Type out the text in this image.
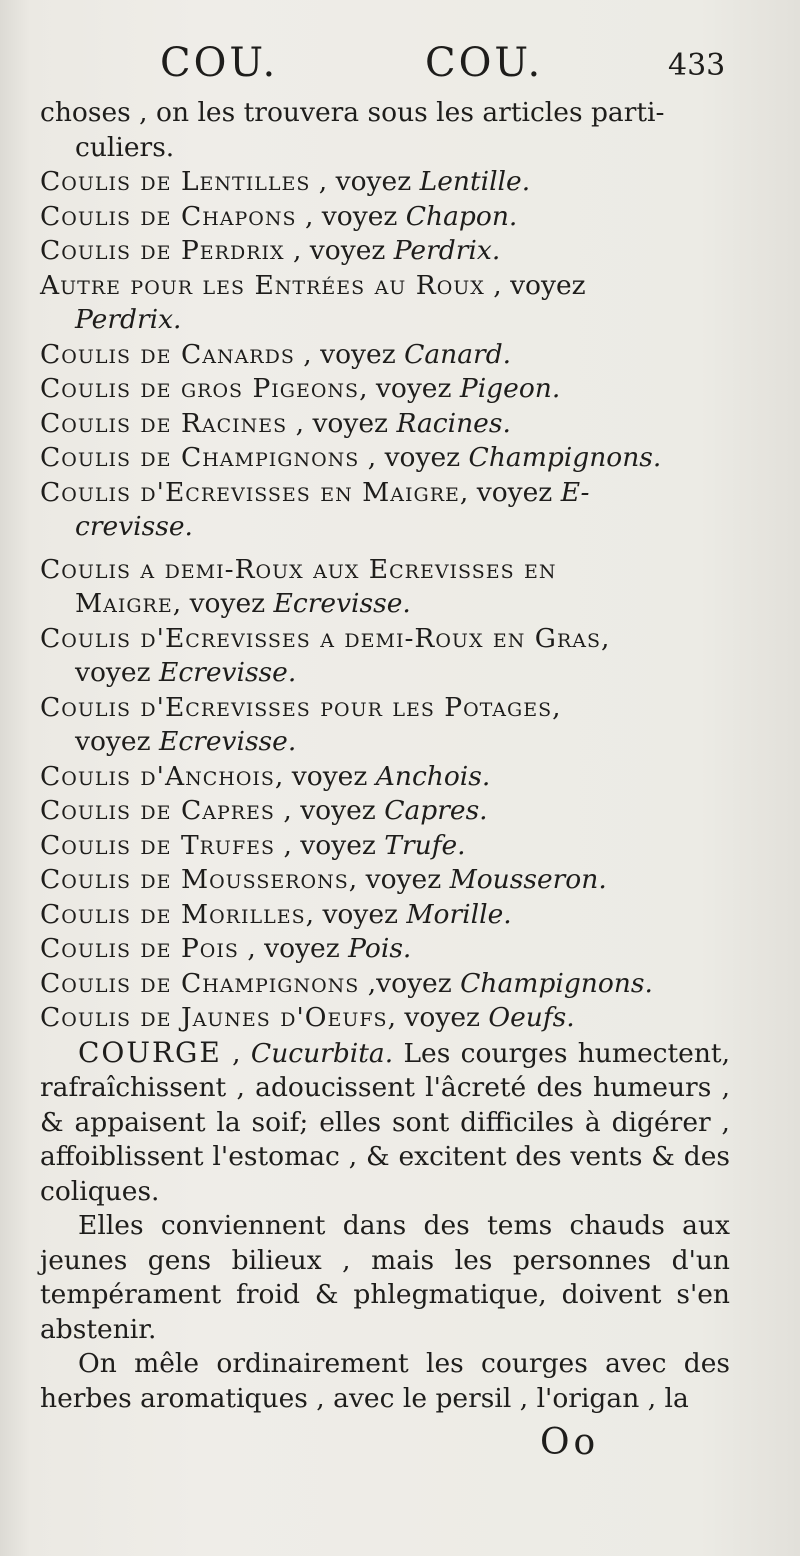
COU.	COU.	433

choses , on les trouvera sous les articles parti-
culiers.

Coulis de Lentilles , voyez Lentille.

Coulis de Chapons , voyez Chapon.

Coulis de Perdrix , voyez Perdrix.

Autre pour les Entrées au Roux , voyez
Perdrix.

Coulis de Canards , voyez Canard.

Coulis de gros Pigeons, voyez Pigeon.

Coulis de Racines , voyez Racines.

Coulis de Champignons , voyez Champignons.

Coulis d'Ecrevisses en Maigre, voyez E-
crevisse.

Coulis a demi-Roux aux Ecrevisses en
Maigre, voyez Ecrevisse.

Coulis d'Ecrevisses a demi-Roux en Gras,
voyez Ecrevisse.

Coulis d'Ecrevisses pour les Potages,
voyez Ecrevisse.

Coulis d'Anchois, voyez Anchois.

Coulis de Capres , voyez Capres.

Coulis de Trufes , voyez Trufe.

Coulis de Mousserons, voyez Mousseron.

Coulis de Morilles, voyez Morille.

Coulis de Pois , voyez Pois.

Coulis de Champignons ,voyez Champignons.

Coulis de Jaunes d'Oeufs, voyez Oeufs.

COURGE , Cucurbita. Les courges humectent, rafraîchissent , adoucissent l'âcreté des humeurs , & appaisent la soif; elles sont difficiles à digérer , affoiblissent l'estomac , & excitent des vents & des coliques.

Elles conviennent dans des tems chauds aux jeunes gens bilieux , mais les personnes d'un tempérament froid & phlegmatique, doivent s'en abstenir.

On mêle ordinairement les courges avec des herbes aromatiques , avec le persil , l'origan , la

Oo
